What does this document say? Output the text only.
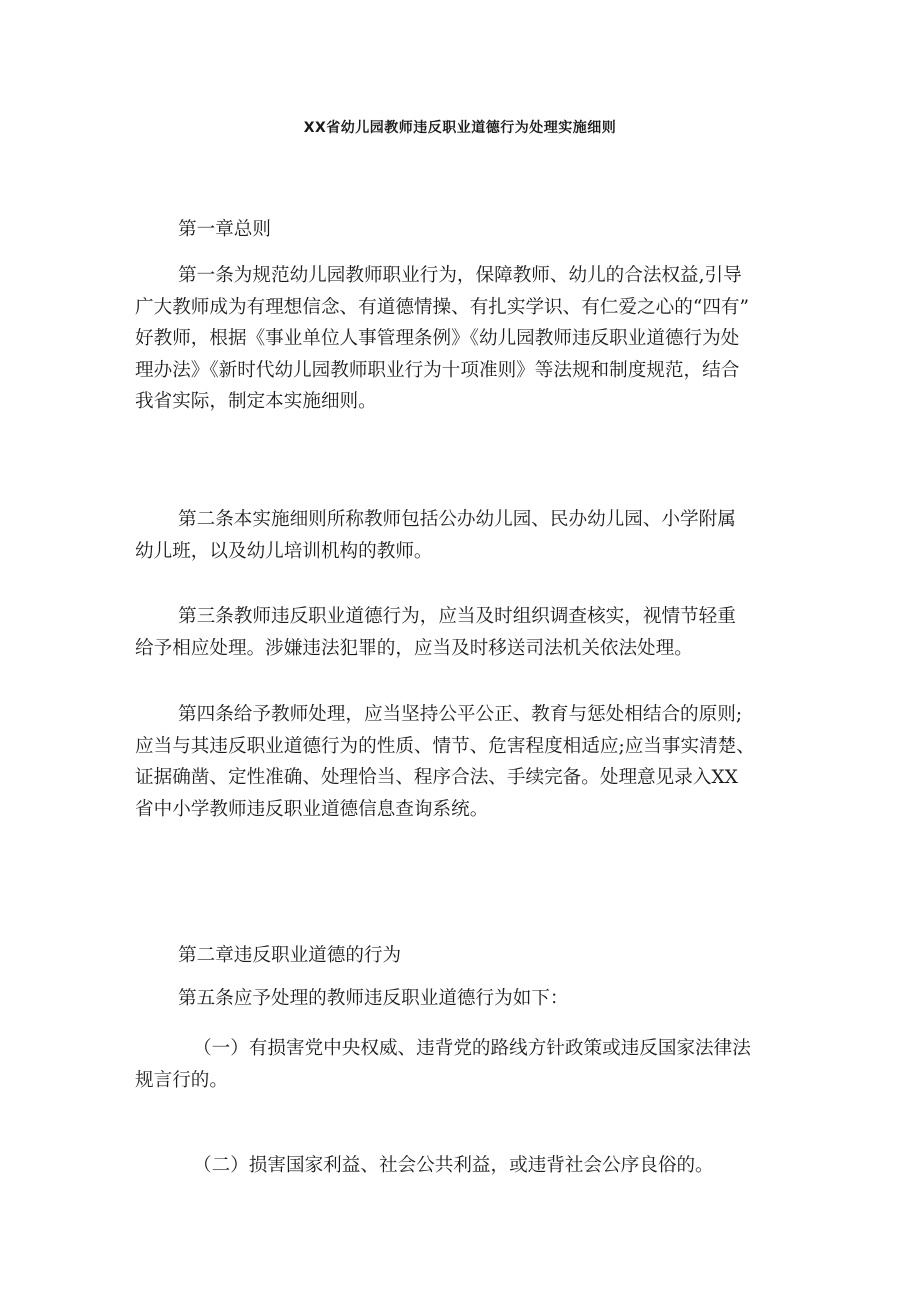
XX省幼儿园教师违反职业道德行为处理实施细则
第一章总则

第一条为规范幼儿园教师职业行为，保障教师、幼儿的合法权益,引导
广大教师成为有理想信念、有道德情操、有扎实学识、有仁爱之心的“四有”
好教师，根据《事业单位人事管理条例》《幼儿园教师违反职业道德行为处
理办法》《新时代幼儿园教师职业行为十项准则》等法规和制度规范，结合
我省实际，制定本实施细则。

第二条本实施细则所称教师包括公办幼儿园、民办幼儿园、小学附属
幼儿班，以及幼儿培训机构的教师。

第三条教师违反职业道德行为，应当及时组织调查核实，视情节轻重
给予相应处理。涉嫌违法犯罪的，应当及时移送司法机关依法处理。

第四条给予教师处理，应当坚持公平公正、教育与惩处相结合的原则;
应当与其违反职业道德行为的性质、情节、危害程度相适应;应当事实清楚、
证据确凿、定性准确、处理恰当、程序合法、手续完备。处理意见录入XX
省中小学教师违反职业道德信息查询系统。

第二章违反职业道德的行为

第五条应予处理的教师违反职业道德行为如下：

（一）有损害党中央权威、违背党的路线方针政策或违反国家法律法
规言行的。

（二）损害国家利益、社会公共利益，或违背社会公序良俗的。
